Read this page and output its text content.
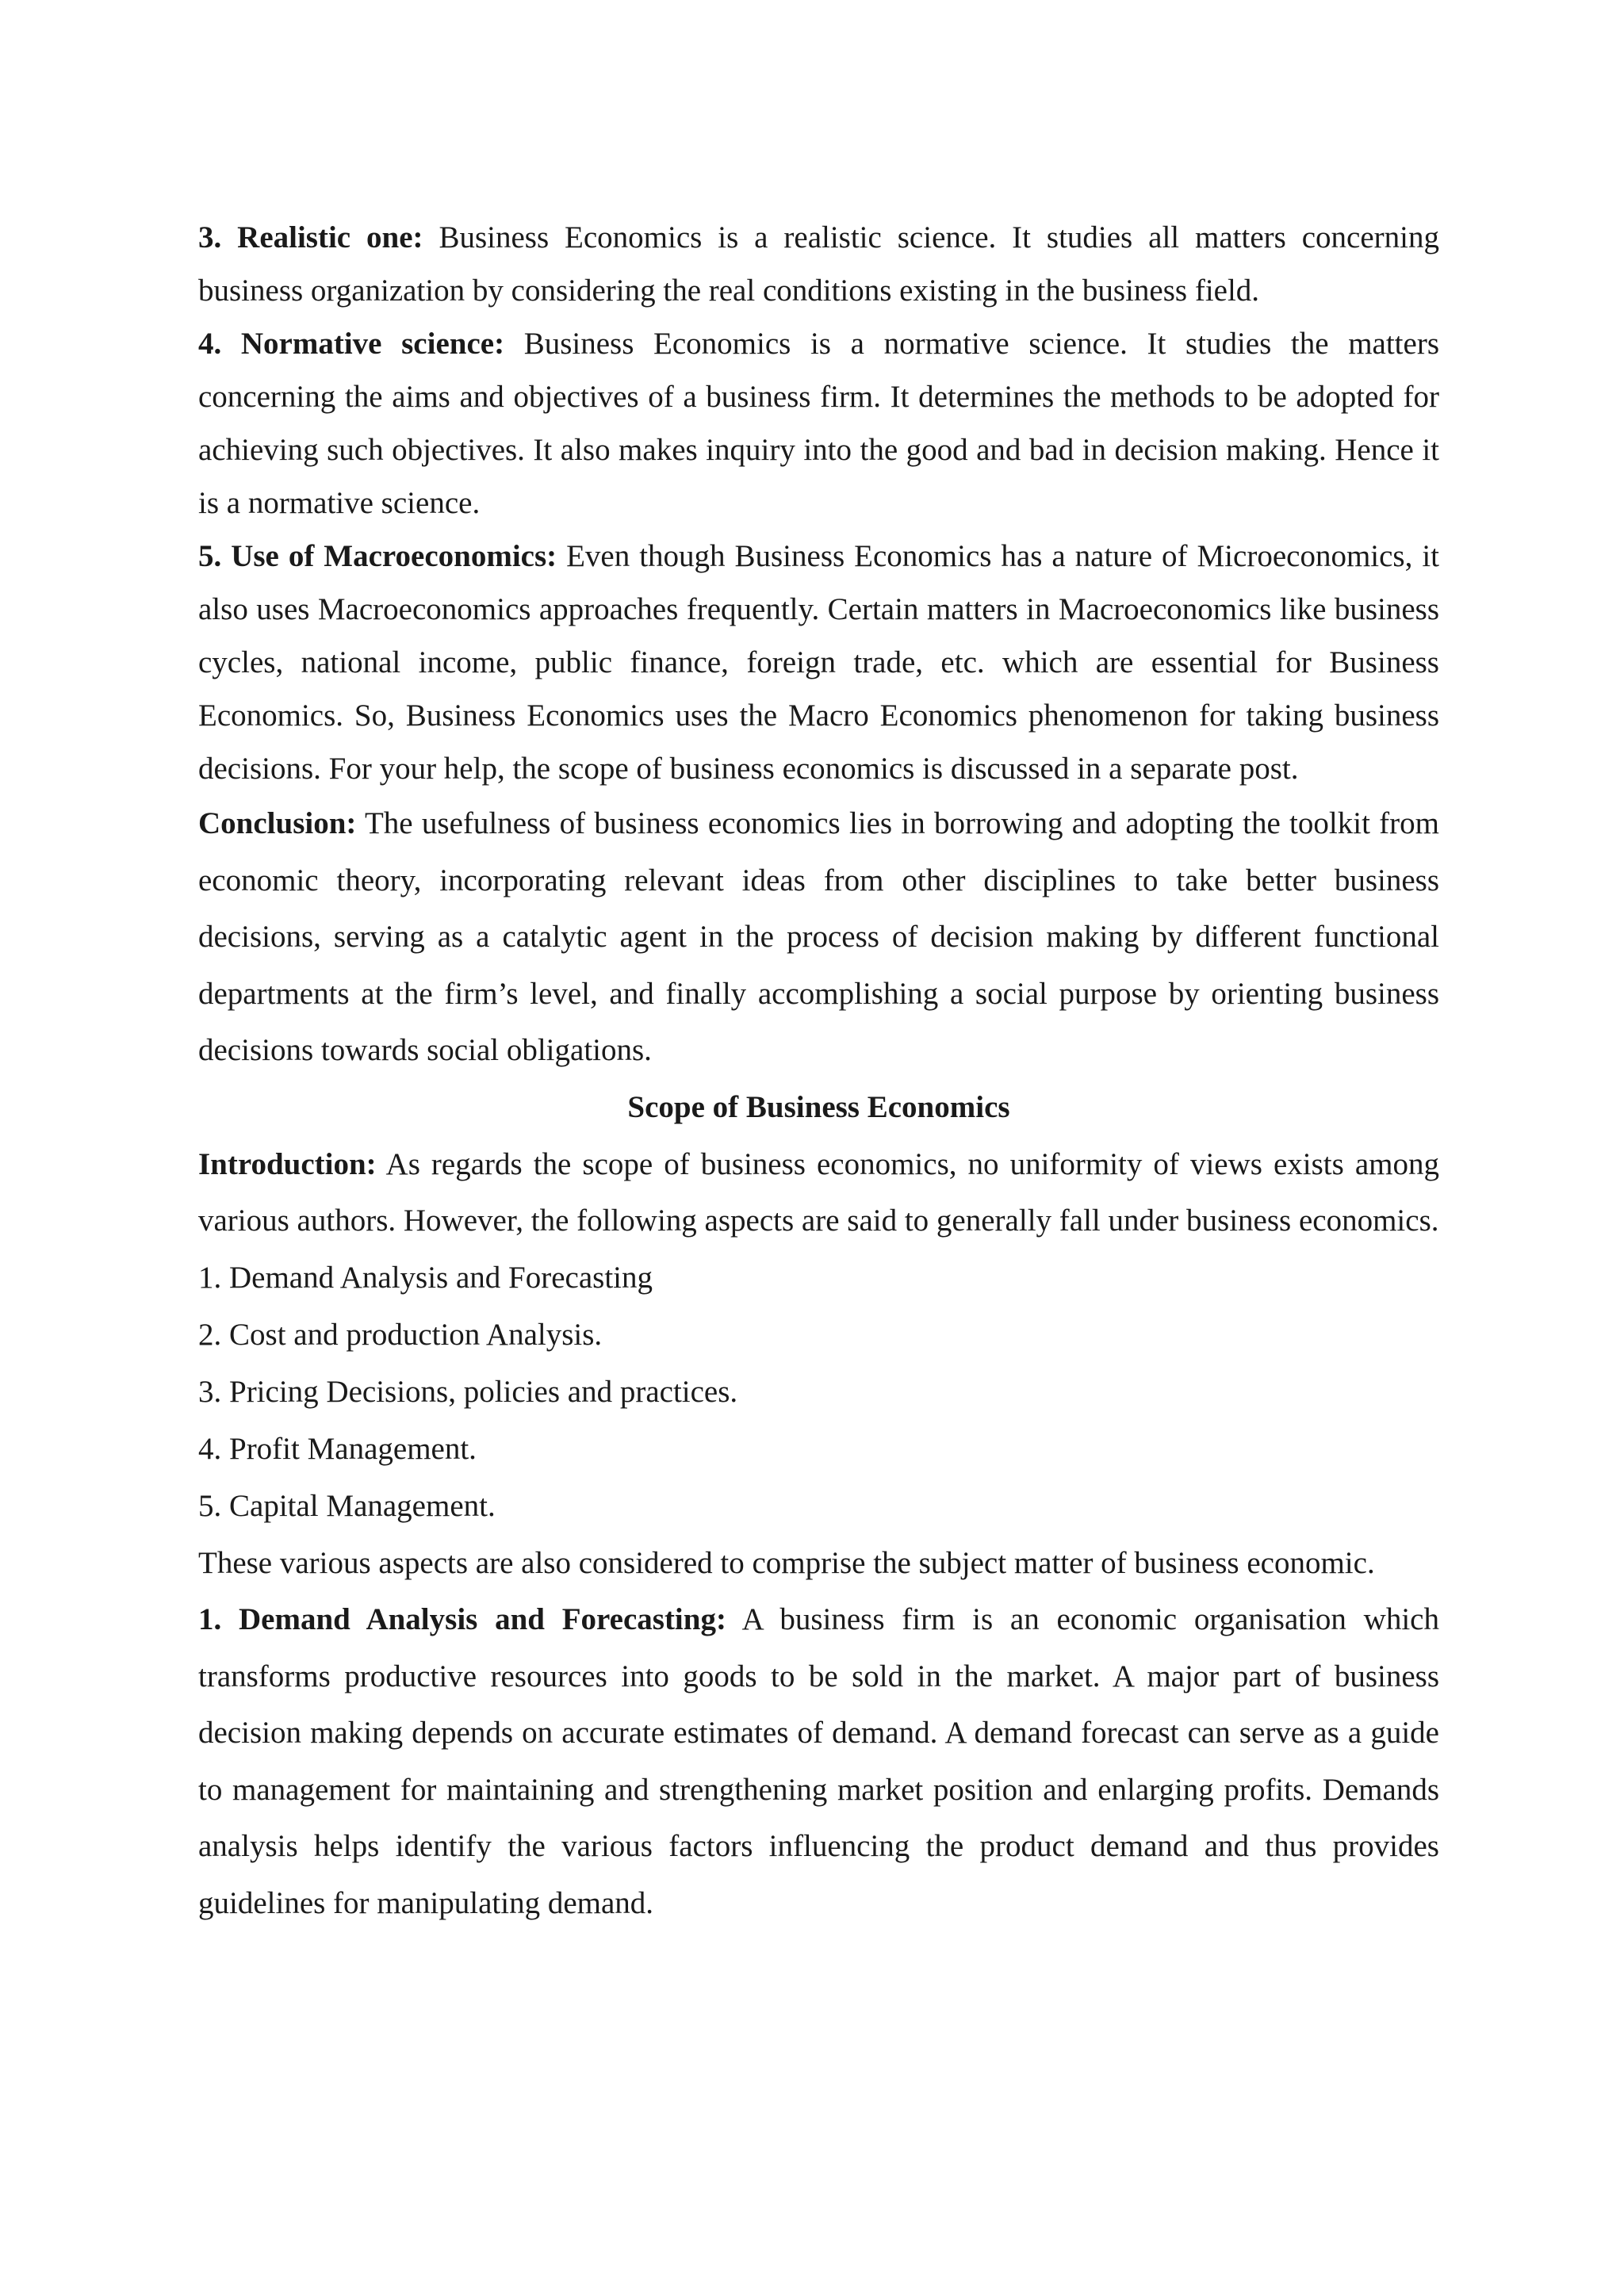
3. Realistic one: Business Economics is a realistic science. It studies all matters concerning business organization by considering the real conditions existing in the business field.

4. Normative science: Business Economics is a normative science. It studies the matters concerning the aims and objectives of a business firm. It determines the methods to be adopted for achieving such objectives. It also makes inquiry into the good and bad in decision making. Hence it is a normative science.

5. Use of Macroeconomics: Even though Business Economics has a nature of Microeconomics, it also uses Macroeconomics approaches frequently. Certain matters in Macroeconomics like business cycles, national income, public finance, foreign trade, etc. which are essential for Business Economics. So, Business Economics uses the Macro Economics phenomenon for taking business decisions. For your help, the scope of business economics is discussed in a separate post.

Conclusion: The usefulness of business economics lies in borrowing and adopting the toolkit from economic theory, incorporating relevant ideas from other disciplines to take better business decisions, serving as a catalytic agent in the process of decision making by different functional departments at the firm’s level, and finally accomplishing a social purpose by orienting business decisions towards social obligations.

Scope of Business Economics

Introduction: As regards the scope of business economics, no uniformity of views exists among various authors. However, the following aspects are said to generally fall under business economics.

1. Demand Analysis and Forecasting

2. Cost and production Analysis.

3. Pricing Decisions, policies and practices.

4. Profit Management.

5. Capital Management.

These various aspects are also considered to comprise the subject matter of business economic.

1. Demand Analysis and Forecasting: A business firm is an economic organisation which transforms productive resources into goods to be sold in the market. A major part of business decision making depends on accurate estimates of demand. A demand forecast can serve as a guide to management for maintaining and strengthening market position and enlarging profits. Demands analysis helps identify the various factors influencing the product demand and thus provides guidelines for manipulating demand.
